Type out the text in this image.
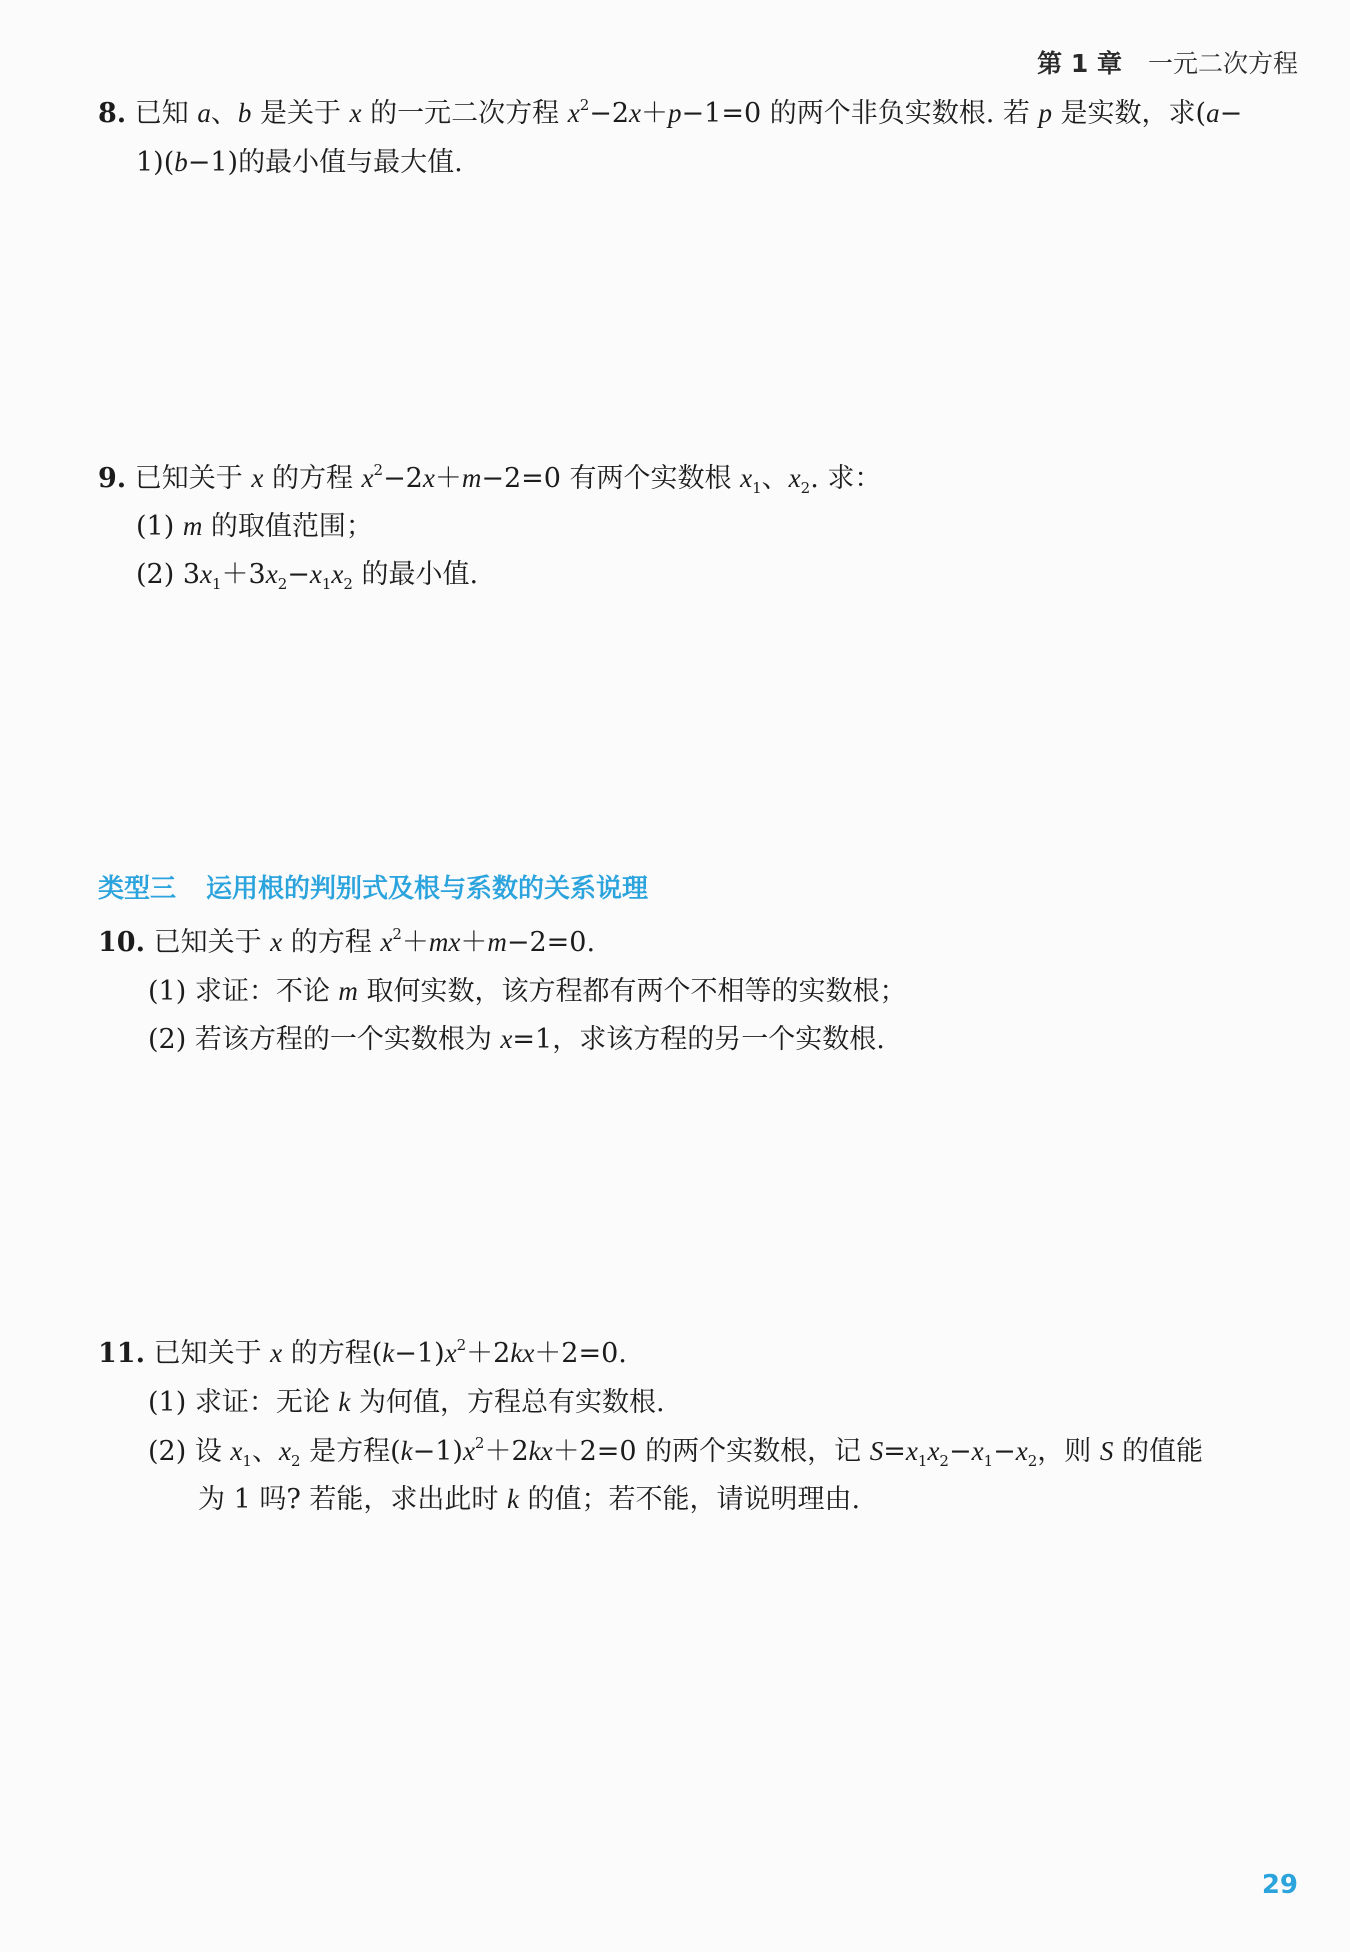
第 1 章 一元二次方程
8. 已知 a、b 是关于 x 的一元二次方程 $x^2-2x+p-1=0$ 的两个非负实数根. 若 p 是实数，求(a−
1)(b−1)的最小值与最大值.
9. 已知关于 x 的方程 $x^2-2x+m-2=0$ 有两个实数根 $x_1$、$x_2$. 求：
(1) m 的取值范围；
(2) $3x_1+3x_2-x_1x_2$ 的最小值.
类型三 运用根的判别式及根与系数的关系说理
10. 已知关于 x 的方程 $x^2+mx+m-2=0$.
(1) 求证：不论 m 取何实数，该方程都有两个不相等的实数根；
(2) 若该方程的一个实数根为 x=1，求该方程的另一个实数根.
11. 已知关于 x 的方程$(k-1)x^2+2kx+2=0$.
(1) 求证：无论 k 为何值，方程总有实数根.
(2) 设 $x_1$、$x_2$ 是方程$(k-1)x^2+2kx+2=0$ 的两个实数根，记 $S=x_1x_2-x_1-x_2$，则 S 的值能
为 1 吗? 若能，求出此时 k 的值；若不能，请说明理由.
29
